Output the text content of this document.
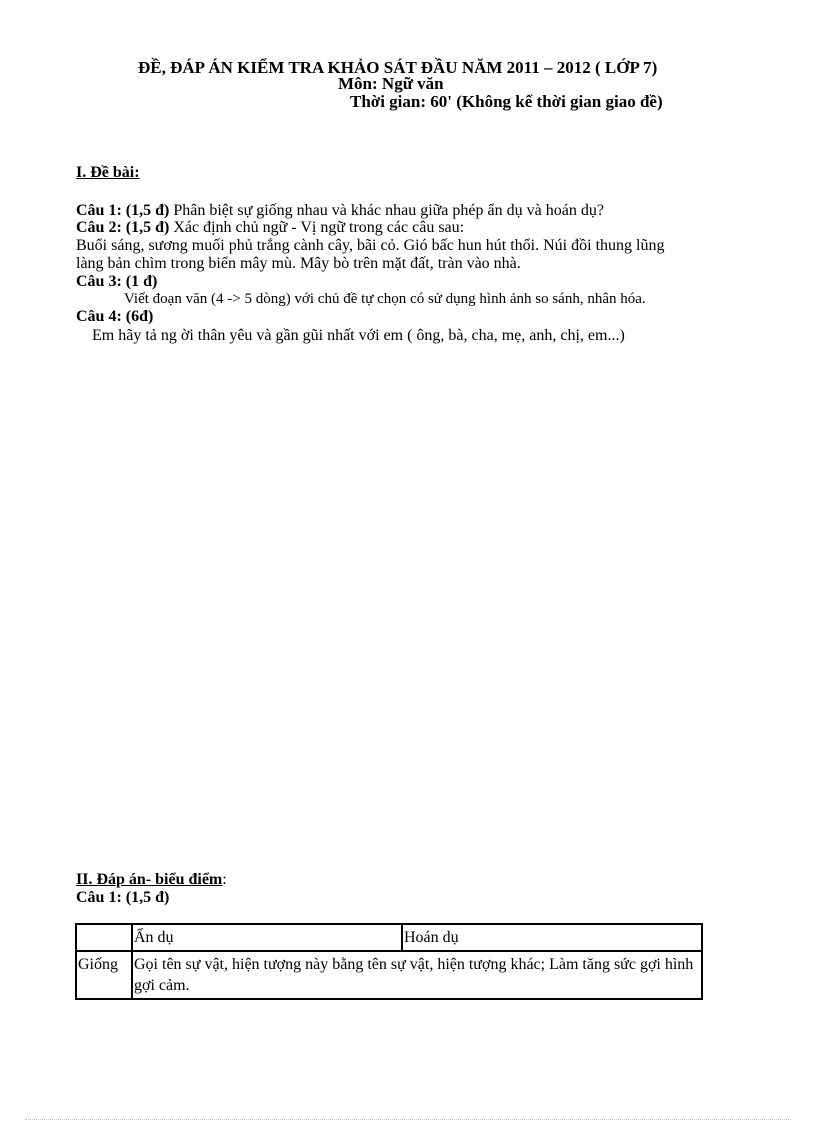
ĐỀ, ĐÁP ÁN KIỂM TRA KHẢO SÁT ĐẦU NĂM 2011 – 2012 ( LỚP 7)
Môn: Ngữ văn
Thời gian: 60' (Không kể thời gian giao đề)
I. Đề bài:
Câu 1: (1,5 đ) Phân biệt sự giống nhau và khác nhau giữa phép ẩn dụ và hoán dụ?
Câu 2: (1,5 đ) Xác định chủ ngữ - Vị ngữ trong các câu sau:
Buổi sáng, sương muối phủ trắng cành cây, bãi cỏ. Gió bấc hun hút thổi. Núi đồi thung lũng
làng bản chìm trong biển mây mù. Mây bò trên mặt đất, tràn vào nhà.
Câu 3: (1 đ)
Viết đoạn văn (4 -> 5 dòng) với chủ đề tự chọn có sử dụng hình ảnh so sánh, nhân hóa.
Câu 4: (6đ)
Em hãy tả ng ời thân yêu và gần gũi nhất với em ( ông, bà, cha, mẹ, anh, chị, em...)
II. Đáp án- biểu điểm:
Câu 1: (1,5 đ)
	Ẩn dụ	Hoán dụ
Giống	Gọi tên sự vật, hiện tượng này bằng tên sự vật, hiện tượng khác; Làm tăng sức gợi hình gợi cảm.	
